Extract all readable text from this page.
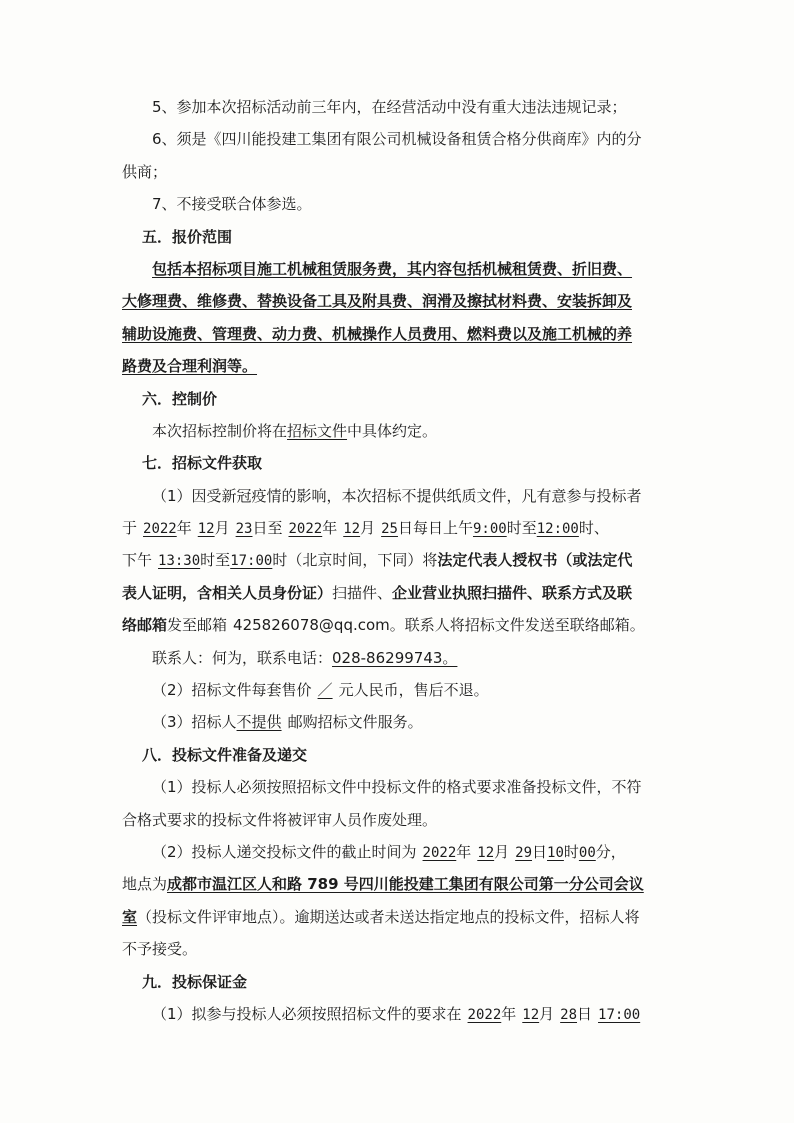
5、参加本次招标活动前三年内，在经营活动中没有重大违法违规记录；
6、须是《四川能投建工集团有限公司机械设备租赁合格分供商库》内的分
供商；
7、不接受联合体参选。
五．报价范围
包括本招标项目施工机械租赁服务费，其内容包括机械租赁费、折旧费、
大修理费、维修费、替换设备工具及附具费、润滑及擦拭材料费、安装拆卸及
辅助设施费、管理费、动力费、机械操作人员费用、燃料费以及施工机械的养
路费及合理利润等。
六．控制价
本次招标控制价将在招标文件中具体约定。
七．招标文件获取
（1）因受新冠疫情的影响，本次招标不提供纸质文件，凡有意参与投标者
于 2022年 12月 23日至 2022年 12月 25日每日上午9:00时至12:00时、
下午 13:30时至17:00时（北京时间，下同）将法定代表人授权书（或法定代
表人证明，含相关人员身份证）扫描件、企业营业执照扫描件、联系方式及联
络邮箱发至邮箱 425826078@qq.com。联系人将招标文件发送至联络邮箱。
联系人：何为，联系电话：028-86299743。
（2）招标文件每套售价 ／ 元人民币，售后不退。
（3）招标人不提供 邮购招标文件服务。
八．投标文件准备及递交
（1）投标人必须按照招标文件中投标文件的格式要求准备投标文件，不符
合格式要求的投标文件将被评审人员作废处理。
（2）投标人递交投标文件的截止时间为 2022年 12月 29日10时00分，
地点为成都市温江区人和路 789 号四川能投建工集团有限公司第一分公司会议
室（投标文件评审地点）。逾期送达或者未送达指定地点的投标文件，招标人将
不予接受。
九．投标保证金
（1）拟参与投标人必须按照招标文件的要求在 2022年 12月 28日 17:00
